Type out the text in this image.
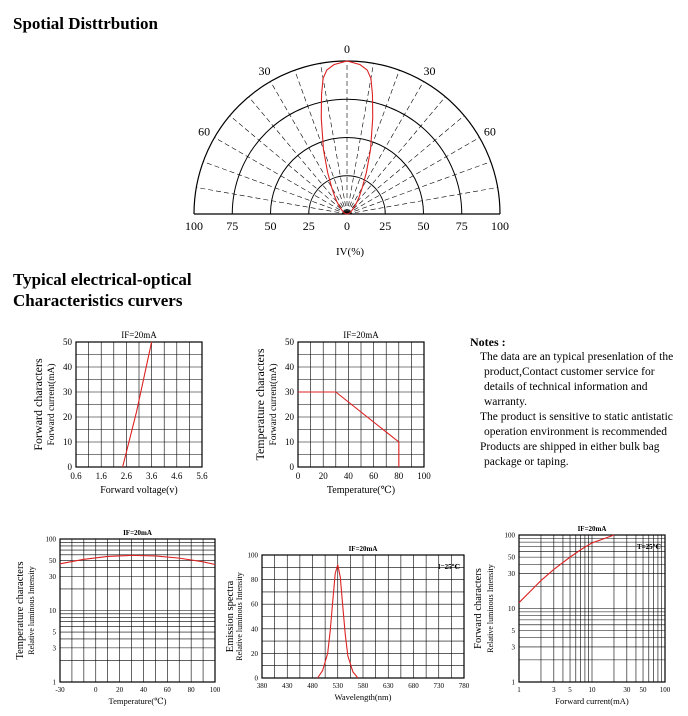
Spotial Disttrbution
Typical electrical-optical
Characteristics curvers
0
30	30
60	60
100 75 50 25 0 25 50 75 100
IV(%)
0.6 1.6 2.6 3.6 4.6 5.6
0
10
20
30
40
50
IF=20mA
Forward voltage(v)
Forward characters Forward current(mA)
0 20 40 60 80 100
0
10
20
30
40
50
IF=20mA
Temperature(℃)
Temperature characters Forward current(mA)
-30	0	20 40 60 80 100
1
3
5
10
30
50
100
IF=20mA
Temperature(℃)
Temperature characters Relative luminous Intensity
380 430 480 530 580 630 680 730 780
0
20
40
60
80
100
IF=20mA
Wavelength(nm)
Emission spectra Relative luminous Intensity
I=25℃
1	3 5 10	30 50 100
1
3
5
10
30
50
100
IF=20mA
Forward current(mA)
Forward characters Relative luminous Intensity
T=25℃
Notes :
The data are an typical presenlation of the product,Contact customer service for details of technical information and warranty.
The product is sensitive to static antistatic operation environment is recommended
Products are shipped in either bulk bag package or taping.
